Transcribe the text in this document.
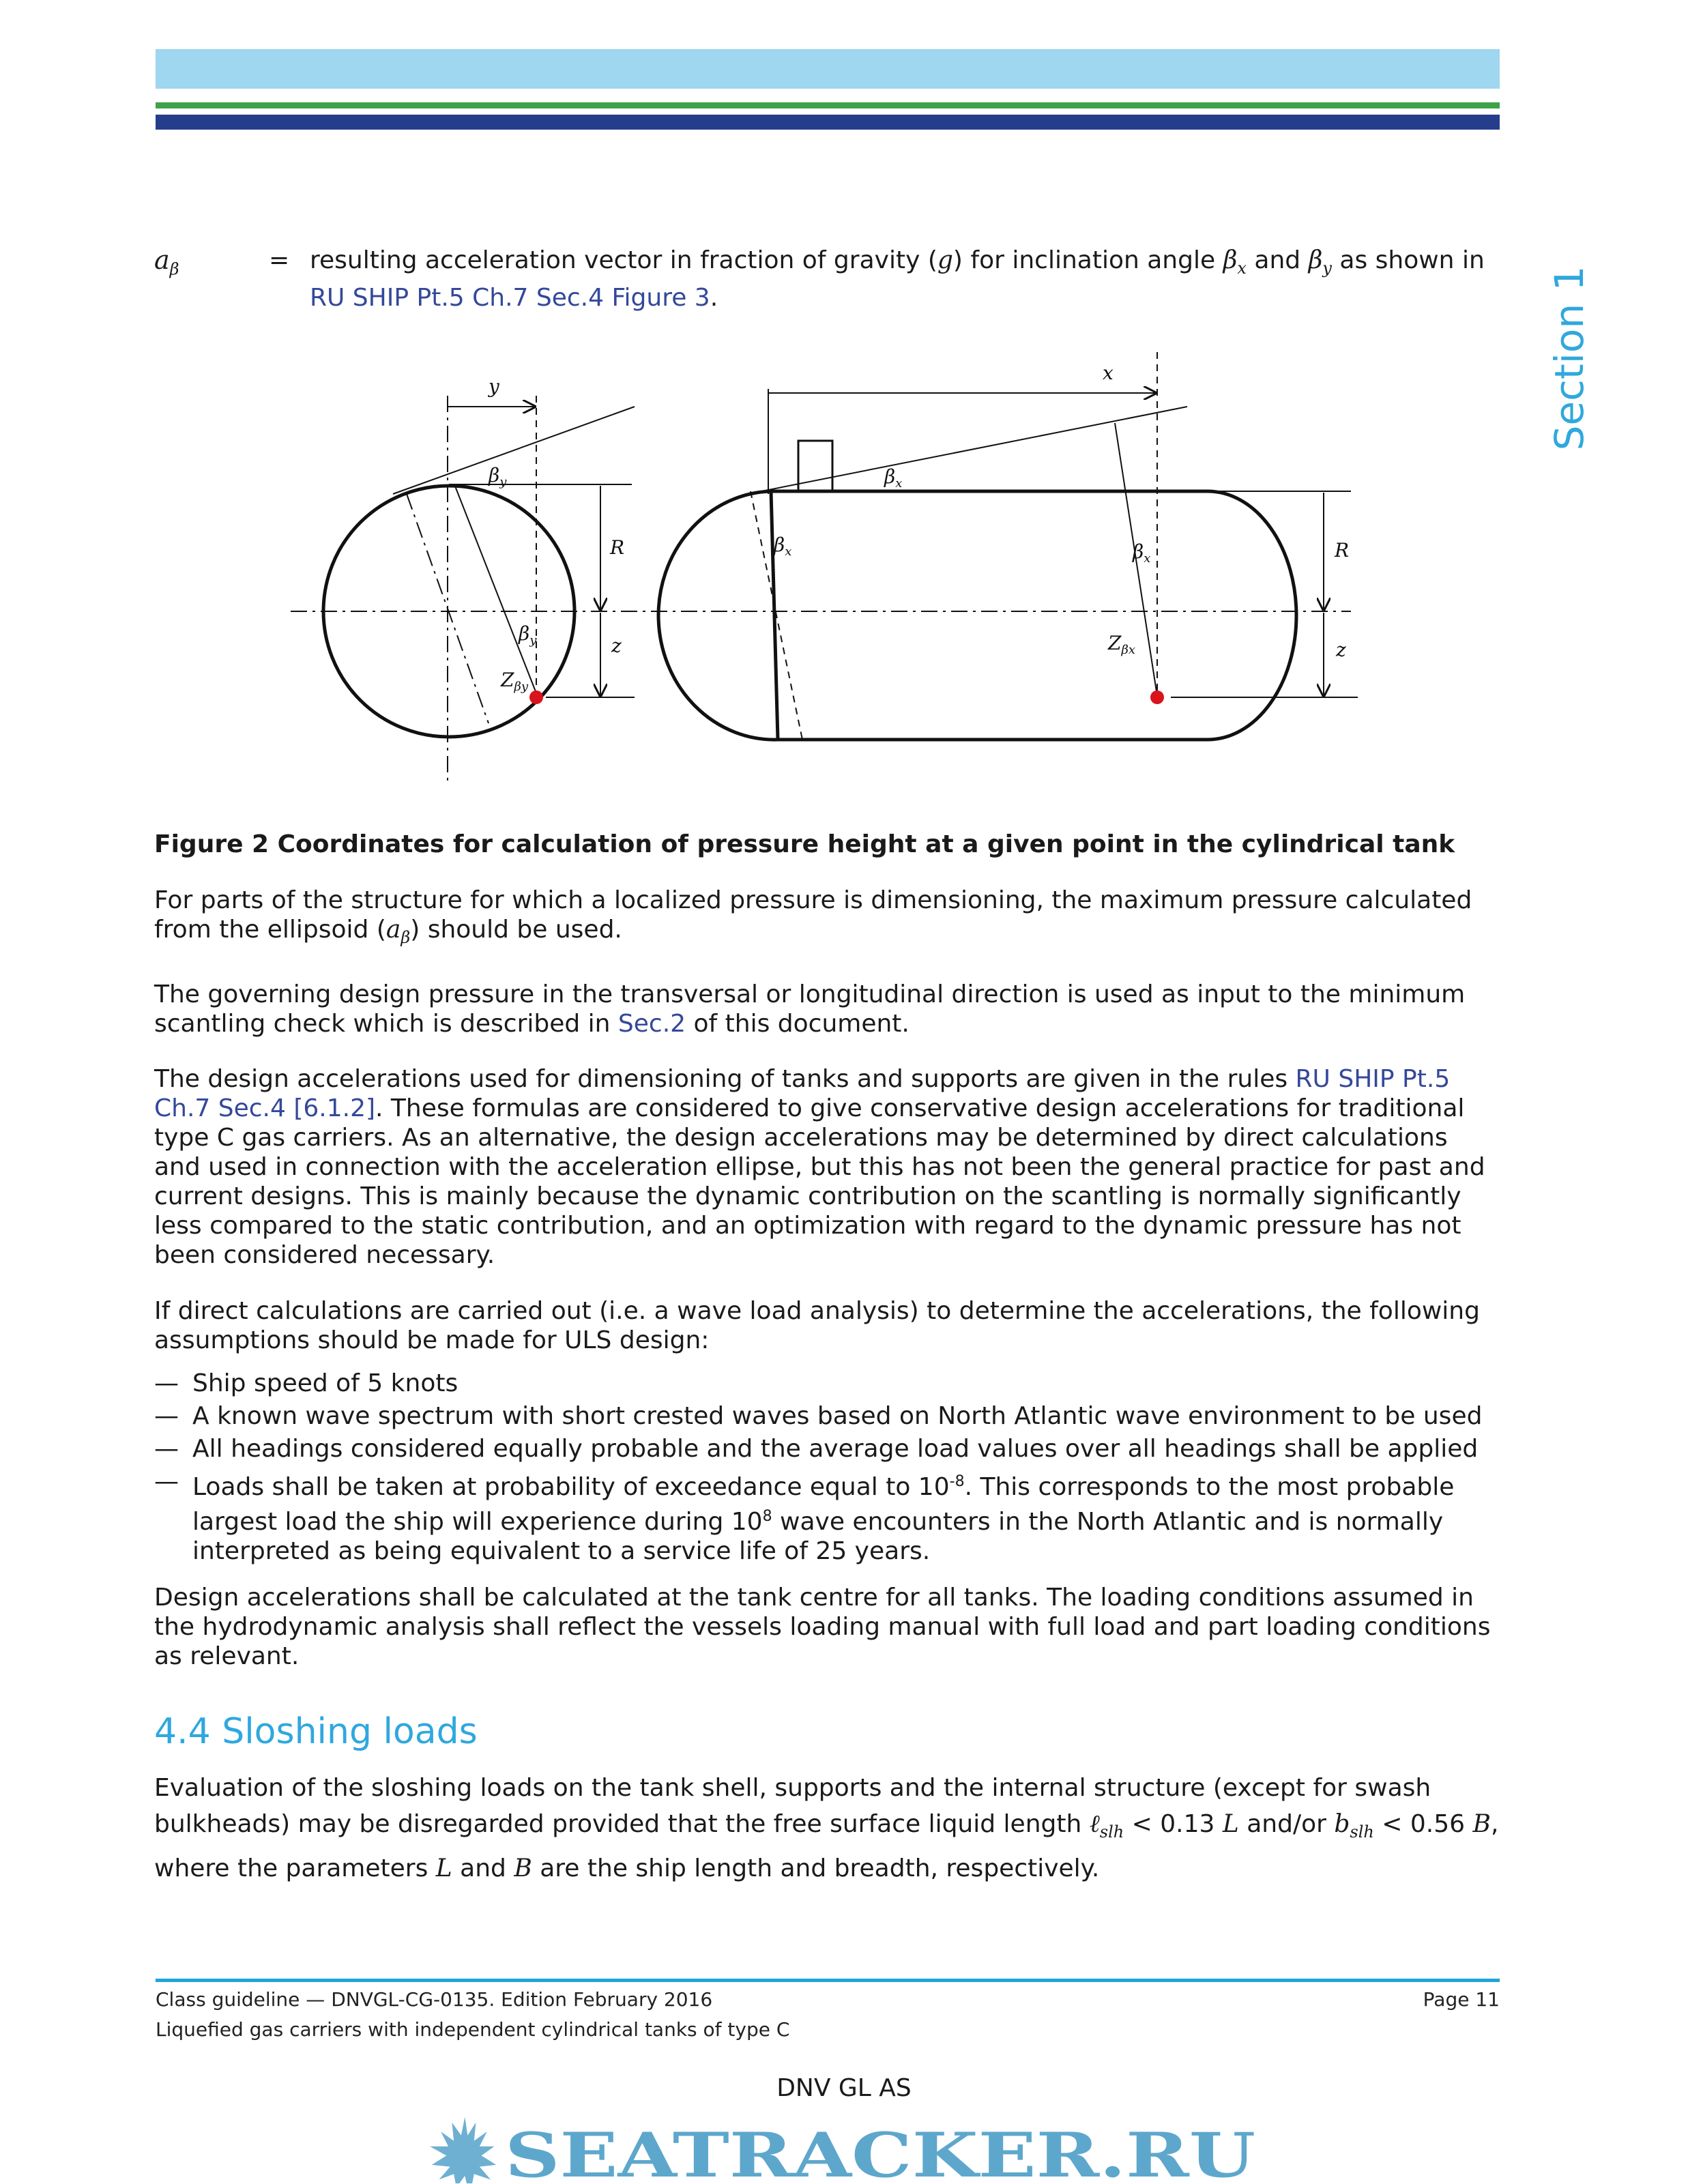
Section 1
$a_\beta$	= resulting acceleration vector in fraction of gravity (g) for inclination angle $\beta_x$ and $\beta_y$ as shown in RU SHIP Pt.5 Ch.7 Sec.4 Figure 3.
y
x
$\beta_y$
$\beta_y$
$Z_{\beta y}$
R
z
$\beta_x$
$\beta_x$	$\beta_x$
$Z_{\beta x}$
R
z
Figure 2 Coordinates for calculation of pressure height at a given point in the cylindrical tank
For parts of the structure for which a localized pressure is dimensioning, the maximum pressure calculated from the ellipsoid $(a_\beta)$ should be used.
The governing design pressure in the transversal or longitudinal direction is used as input to the minimum scantling check which is described in Sec.2 of this document.
The design accelerations used for dimensioning of tanks and supports are given in the rules RU SHIP Pt.5 Ch.7 Sec.4 [6.1.2]. These formulas are considered to give conservative design accelerations for traditional type C gas carriers. As an alternative, the design accelerations may be determined by direct calculations and used in connection with the acceleration ellipse, but this has not been the general practice for past and current designs. This is mainly because the dynamic contribution on the scantling is normally significantly less compared to the static contribution, and an optimization with regard to the dynamic pressure has not been considered necessary.
If direct calculations are carried out (i.e. a wave load analysis) to determine the accelerations, the following assumptions should be made for ULS design:
— Ship speed of 5 knots
— A known wave spectrum with short crested waves based on North Atlantic wave environment to be used
— All headings considered equally probable and the average load values over all headings shall be applied
— Loads shall be taken at probability of exceedance equal to $10^{-8}$. This corresponds to the most probable largest load the ship will experience during $10^8$ wave encounters in the North Atlantic and is normally interpreted as being equivalent to a service life of 25 years.
Design accelerations shall be calculated at the tank centre for all tanks. The loading conditions assumed in the hydrodynamic analysis shall reflect the vessels loading manual with full load and part loading conditions as relevant.
4.4 Sloshing loads
Evaluation of the sloshing loads on the tank shell, supports and the internal structure (except for swash bulkheads) may be disregarded provided that the free surface liquid length ℓ$_{slh}$ < 0.13 L and/or $b_{slh} < 0.56$ B, where the parameters L and B are the ship length and breadth, respectively.
Class guideline — DNVGL-CG-0135. Edition February 2016	Page 11
Liquefied gas carriers with independent cylindrical tanks of type C
DNV GL AS
SEATRACKER.RU
